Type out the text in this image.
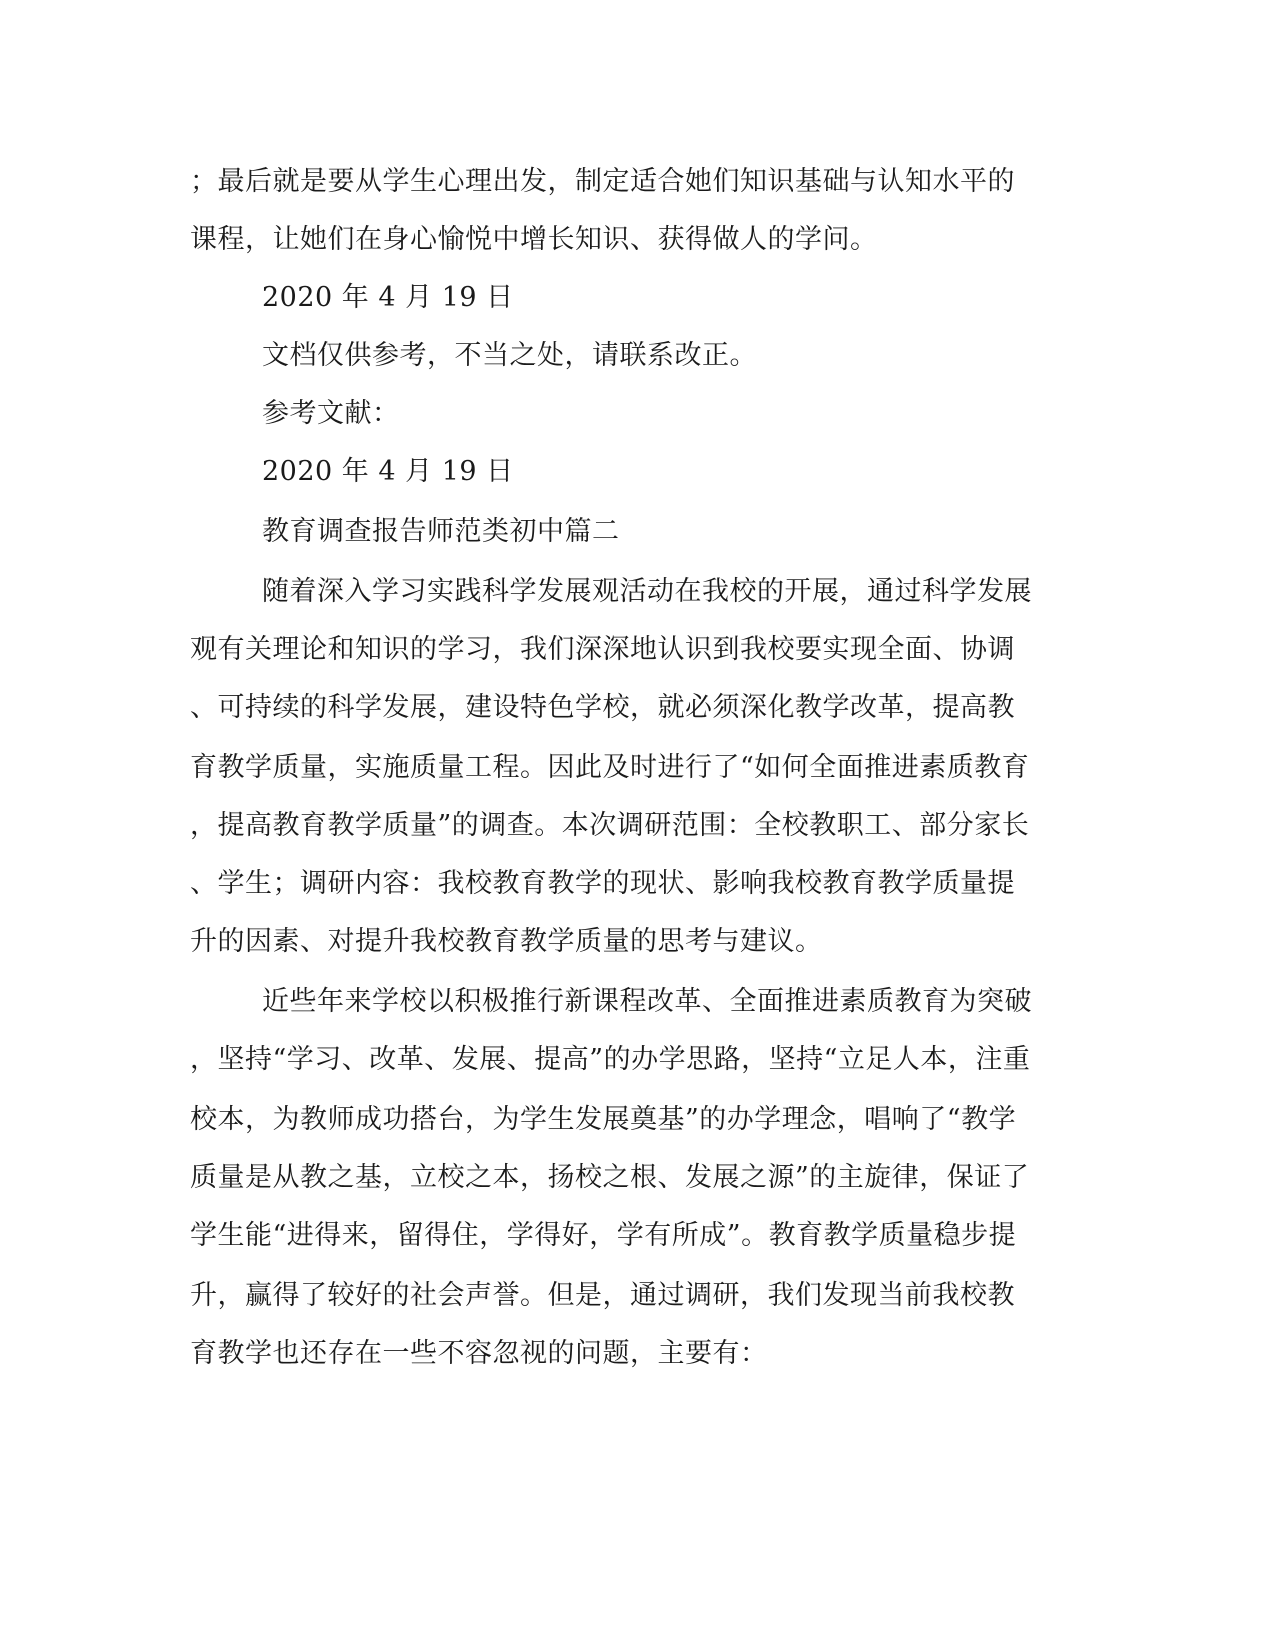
；最后就是要从学生心理出发，制定适合她们知识基础与认知水平的
课程，让她们在身心愉悦中增长知识、获得做人的学问。
2020 年 4 月 19 日
文档仅供参考，不当之处，请联系改正。
参考文献：
2020 年 4 月 19 日
教育调查报告师范类初中篇二
随着深入学习实践科学发展观活动在我校的开展，通过科学发展
观有关理论和知识的学习，我们深深地认识到我校要实现全面、协调
、可持续的科学发展，建设特色学校，就必须深化教学改革，提高教
育教学质量，实施质量工程。因此及时进行了“如何全面推进素质教育
，提高教育教学质量”的调查。本次调研范围：全校教职工、部分家长
、学生；调研内容：我校教育教学的现状、影响我校教育教学质量提
升的因素、对提升我校教育教学质量的思考与建议。
近些年来学校以积极推行新课程改革、全面推进素质教育为突破
，坚持“学习、改革、发展、提高”的办学思路，坚持“立足人本，注重
校本，为教师成功搭台，为学生发展奠基”的办学理念，唱响了“教学
质量是从教之基，立校之本，扬校之根、发展之源”的主旋律，保证了
学生能“进得来，留得住，学得好，学有所成”。教育教学质量稳步提
升，赢得了较好的社会声誉。但是，通过调研，我们发现当前我校教
育教学也还存在一些不容忽视的问题，主要有：
